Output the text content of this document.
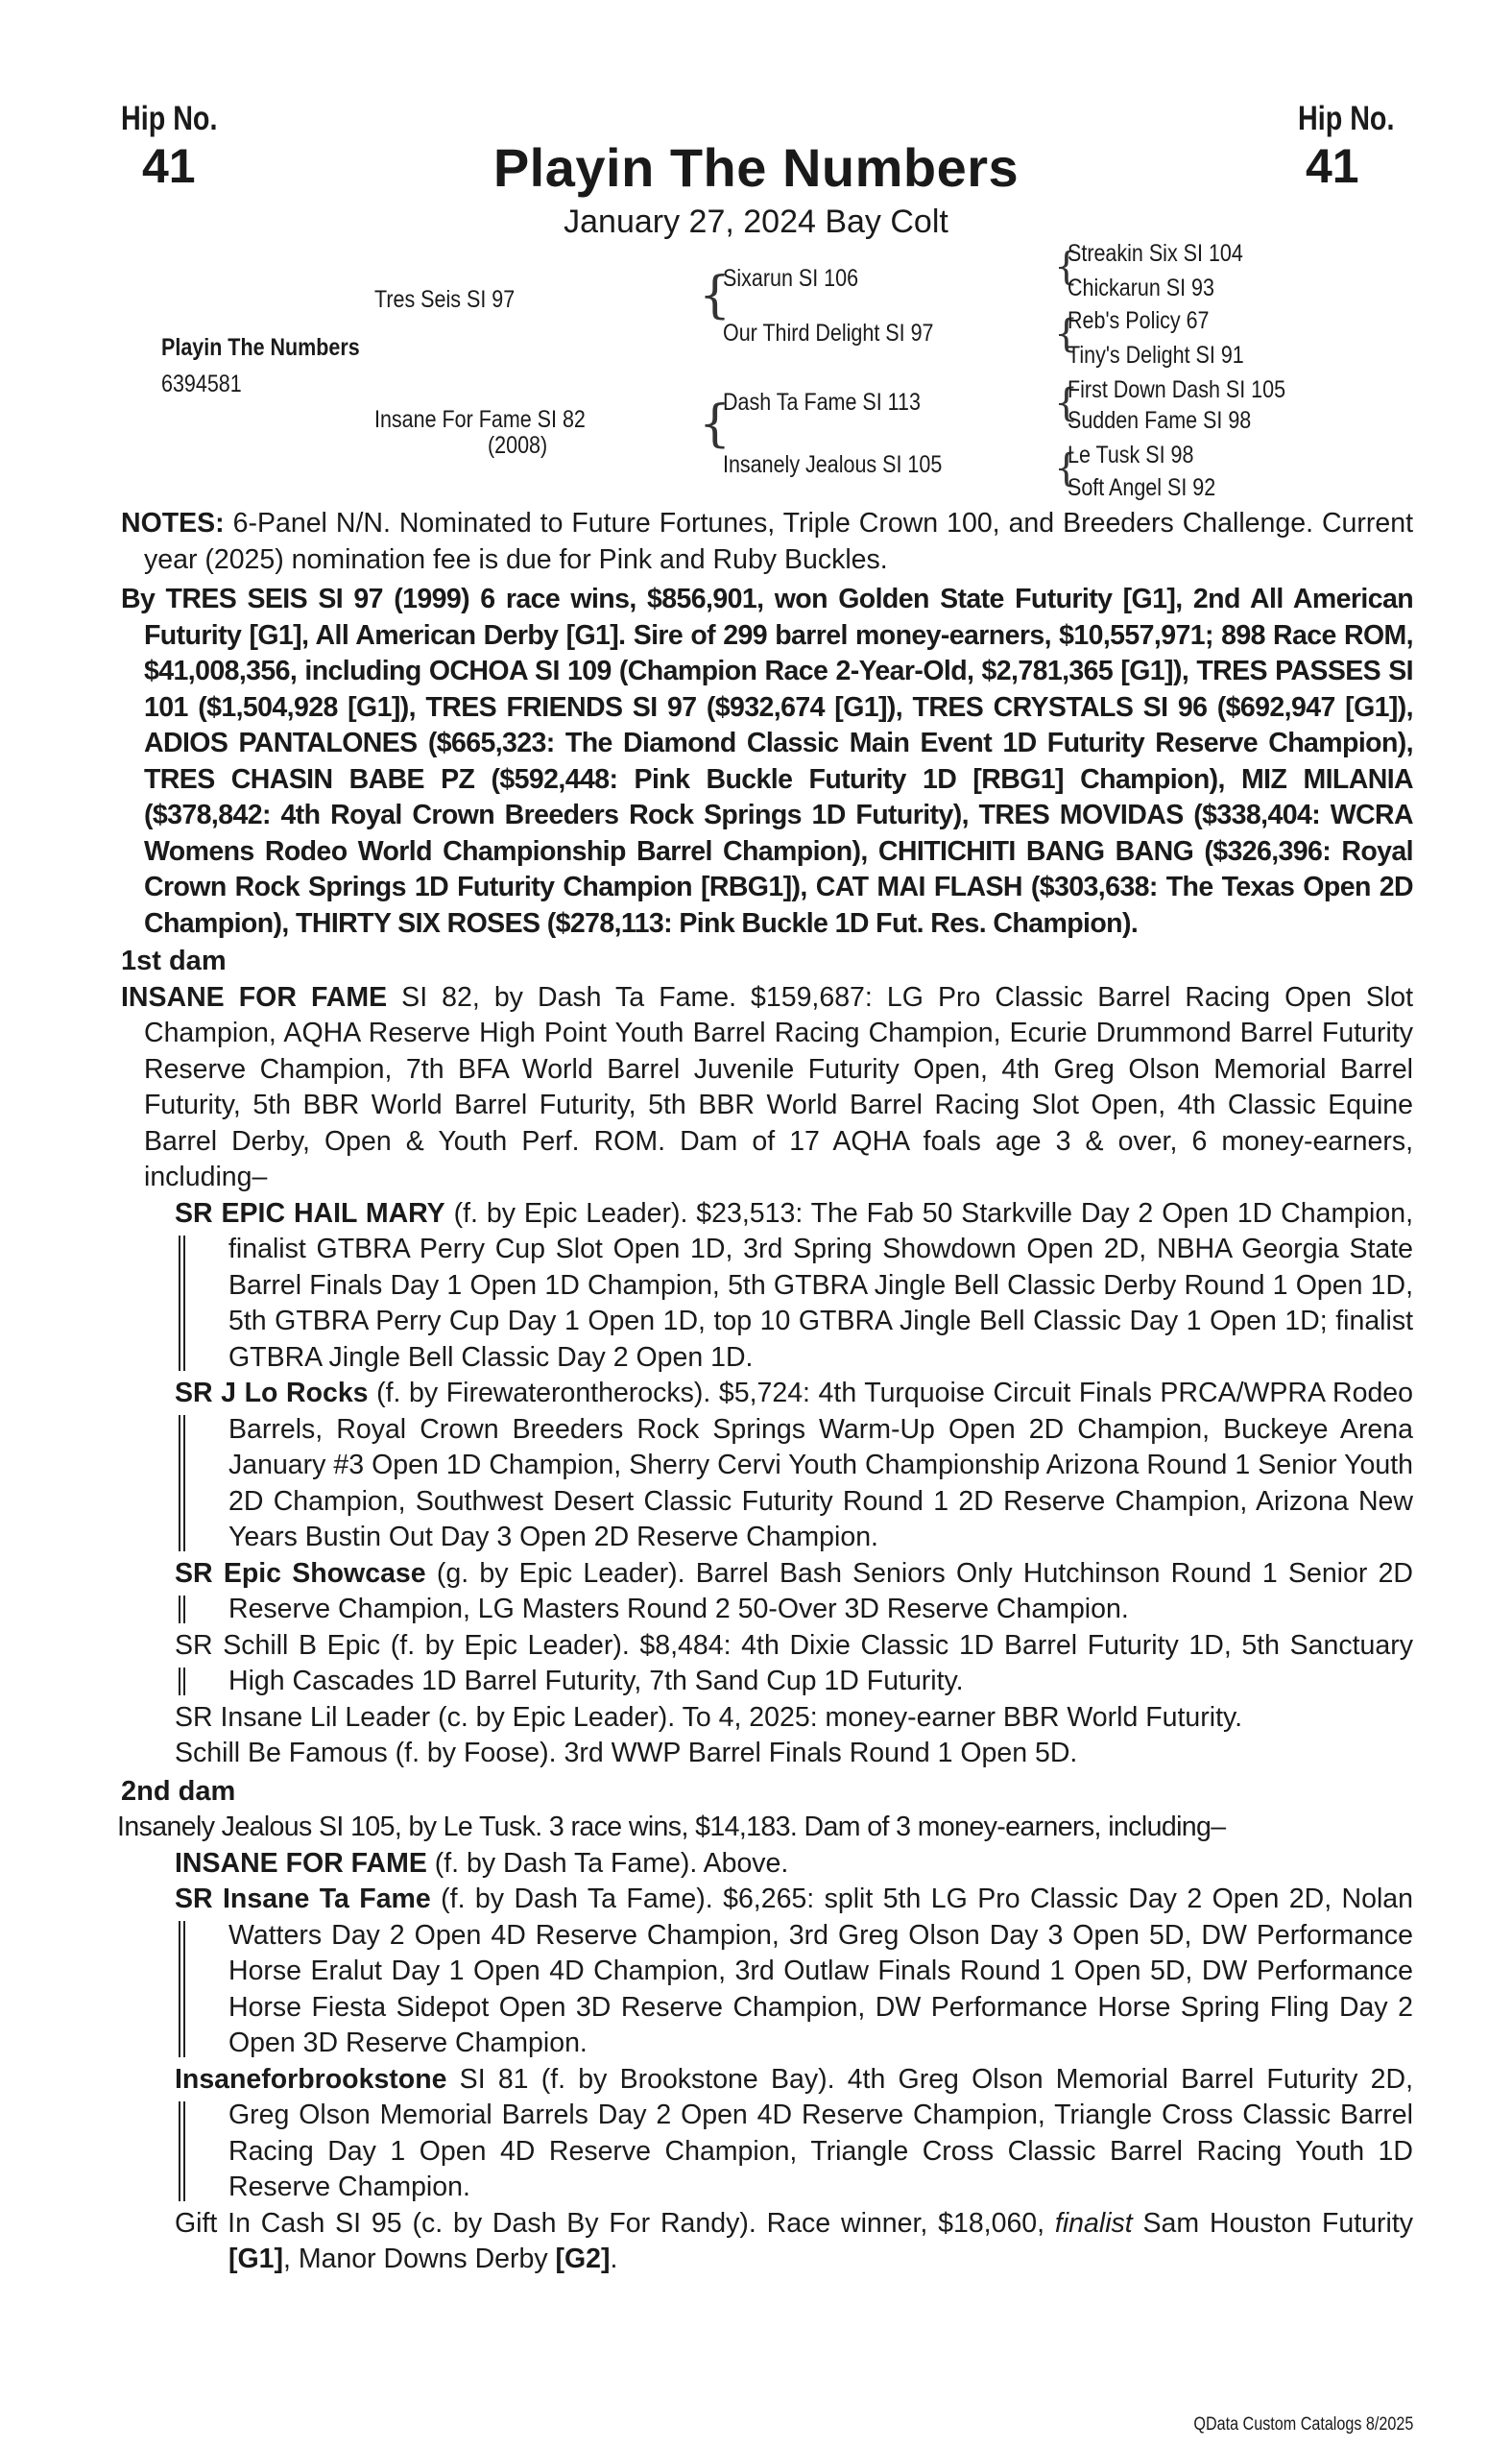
Hip No.
41
Hip No.
41
Playin The Numbers
January 27, 2024 Bay Colt
Playin The Numbers
6394581
Tres Seis SI 97
Insane For Fame SI 82
(2008)
{
Sixarun SI 106
Our Third Delight SI 97
{
Dash Ta Fame SI 113
Insanely Jealous SI 105
{
Streakin Six SI 104
Chickarun SI 93
{
Reb's Policy 67
Tiny's Delight SI 91
{
First Down Dash SI 105
Sudden Fame SI 98
{
Le Tusk SI 98
Soft Angel SI 92

NOTES: 6-Panel N/N. Nominated to Future Fortunes, Triple Crown 100, and Breeders Challenge. Current year (2025) nomination fee is due for Pink and Ruby Buckles.

By TRES SEIS SI 97 (1999) 6 race wins, $856,901, won Golden State Futurity [G1], 2nd All American Futurity [G1], All American Derby [G1]. Sire of 299 barrel money-earners, $10,557,971; 898 Race ROM, $41,008,356, including OCHOA SI 109 (Champion Race 2-Year-Old, $2,781,365 [G1]), TRES PASSES SI 101 ($1,504,928 [G1]), TRES FRIENDS SI 97 ($932,674 [G1]), TRES CRYSTALS SI 96 ($692,947 [G1]), ADIOS PANTALONES ($665,323: The Diamond Classic Main Event 1D Futurity Reserve Champion), TRES CHASIN BABE PZ ($592,448: Pink Buckle Futurity 1D [RBG1] Champion), MIZ MILANIA ($378,842: 4th Royal Crown Breeders Rock Springs 1D Futurity), TRES MOVIDAS ($338,404: WCRA Womens Rodeo World Championship Barrel Champion), CHITICHITI BANG BANG ($326,396: Royal Crown Rock Springs 1D Futurity Champion [RBG1]), CAT MAI FLASH ($303,638: The Texas Open 2D Champion), THIRTY SIX ROSES ($278,113: Pink Buckle 1D Fut. Res. Champion).

1st dam

INSANE FOR FAME SI 82, by Dash Ta Fame. $159,687: LG Pro Classic Barrel Racing Open Slot Champion, AQHA Reserve High Point Youth Barrel Racing Champion, Ecurie Drummond Barrel Futurity Reserve Champion, 7th BFA World Barrel Juvenile Futurity Open, 4th Greg Olson Memorial Barrel Futurity, 5th BBR World Barrel Futurity, 5th BBR World Barrel Racing Slot Open, 4th Classic Equine Barrel Derby, Open & Youth Perf. ROM. Dam of 17 AQHA foals age 3 & over, 6 money-earners, including–

SR EPIC HAIL MARY (f. by Epic Leader). $23,513: The Fab 50 Starkville Day 2 Open 1D Champion, finalist GTBRA Perry Cup Slot Open 1D, 3rd Spring Showdown Open 2D, NBHA Georgia State Barrel Finals Day 1 Open 1D Champion, 5th GTBRA Jingle Bell Classic Derby Round 1 Open 1D, 5th GTBRA Perry Cup Day 1 Open 1D, top 10 GTBRA Jingle Bell Classic Day 1 Open 1D; finalist GTBRA Jingle Bell Classic Day 2 Open 1D.

SR J Lo Rocks (f. by Firewaterontherocks). $5,724: 4th Turquoise Circuit Finals PRCA/WPRA Rodeo Barrels, Royal Crown Breeders Rock Springs Warm-Up Open 2D Champion, Buckeye Arena January #3 Open 1D Champion, Sherry Cervi Youth Championship Arizona Round 1 Senior Youth 2D Champion, Southwest Desert Classic Futurity Round 1 2D Reserve Champion, Arizona New Years Bustin Out Day 3 Open 2D Reserve Champion.

SR Epic Showcase (g. by Epic Leader). Barrel Bash Seniors Only Hutchinson Round 1 Senior 2D Reserve Champion, LG Masters Round 2 50-Over 3D Reserve Champion.

SR Schill B Epic (f. by Epic Leader). $8,484: 4th Dixie Classic 1D Barrel Futurity 1D, 5th Sanctuary High Cascades 1D Barrel Futurity, 7th Sand Cup 1D Futurity.

SR Insane Lil Leader (c. by Epic Leader). To 4, 2025: money-earner BBR World Futurity.

Schill Be Famous (f. by Foose). 3rd WWP Barrel Finals Round 1 Open 5D.

2nd dam

Insanely Jealous SI 105, by Le Tusk. 3 race wins, $14,183. Dam of 3 money-earners, including–

INSANE FOR FAME (f. by Dash Ta Fame). Above.

SR Insane Ta Fame (f. by Dash Ta Fame). $6,265: split 5th LG Pro Classic Day 2 Open 2D, Nolan Watters Day 2 Open 4D Reserve Champion, 3rd Greg Olson Day 3 Open 5D, DW Performance Horse Eralut Day 1 Open 4D Champion, 3rd Outlaw Finals Round 1 Open 5D, DW Performance Horse Fiesta Sidepot Open 3D Reserve Champion, DW Performance Horse Spring Fling Day 2 Open 3D Reserve Champion.

Insaneforbrookstone SI 81 (f. by Brookstone Bay). 4th Greg Olson Memorial Barrel Futurity 2D, Greg Olson Memorial Barrels Day 2 Open 4D Reserve Champion, Triangle Cross Classic Barrel Racing Day 1 Open 4D Reserve Champion, Triangle Cross Classic Barrel Racing Youth 1D Reserve Champion.

Gift In Cash SI 95 (c. by Dash By For Randy). Race winner, $18,060, finalist Sam Houston Futurity [G1], Manor Downs Derby [G2].

QData Custom Catalogs 8/2025
